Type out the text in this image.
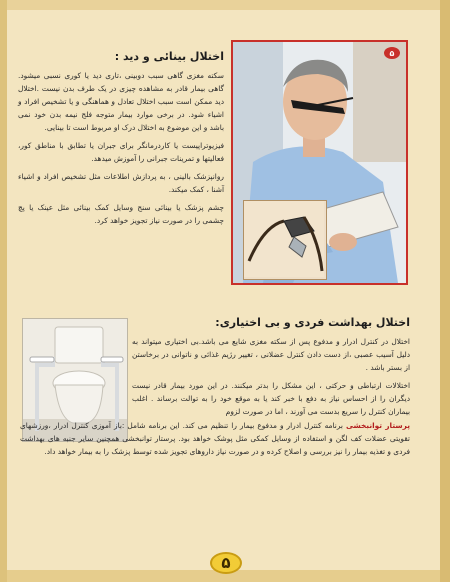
۵
اختلال بینائی و دید :
سکته مغزی گاهی سبب دوبینی ،تاری دید یا کوری نسبی میشود. گاهی بیمار قادر به مشاهده چیزی در یک طرف بدن نیست .اختلال دید ممکن است سبب اختلال تعادل و هماهنگی و یا تشخیص افراد و اشیاء شود. در برخی موارد بیمار متوجه فلج نیمه بدن خود نمی باشد و این موضوع به اختلال درک او مربوط است تا بینایی.
فیزیوتراپیست یا کاردرمانگر برای جبران یا تطابق با مناطق کور، فعالیتها و تمرینات جبرانی را آموزش میدهد.
روانپزشک بالینی ، به پردازش اطلاعات مثل تشخیص افراد و اشیاء آشنا ، کمک میکند.
چشم پزشک یا بینائی سنج وسایل کمک بینائی مثل عینک یا پچ چشمی را در صورت نیاز تجویز خواهد کرد.
اختلال بهداشت فردی و بی اختیاری:
اختلال در کنترل ادرار و مدفوع پس از سکته مغزی شایع می باشد.بی اختیاری میتواند به دلیل آسیب عصبی ،از دست دادن کنترل عضلانی ، تغییر رژیم غذائی و ناتوانی در برخاستن از بستر باشد .
اختلالات ارتباطی و حرکتی ، این مشکل را بدتر میکنند. در این مورد بیمار قادر نیست دیگران را از احساس نیاز به دفع با خبر کند یا به موقع خود را به توالت برساند . اغلب بیماران کنترل را سریع بدست می آورند ، اما در صورت لزوم
پرستار توانبخشی برنامه کنترل ادرار و مدفوع بیمار را تنظیم می کند. این برنامه شامل :باز آموزی کنترل ادرار ،ورزشهای تقویتی عضلات کف لگن و استفاده از وسایل کمکی مثل پوشک خواهد بود. پرستار توانبخشی همچنین سایر جنبه های بهداشت فردی و تغذیه بیمار را نیز بررسی و اصلاح کرده و در صورت نیاز داروهای تجویز شده توسط پزشک را به بیمار خواهد داد.
۵
